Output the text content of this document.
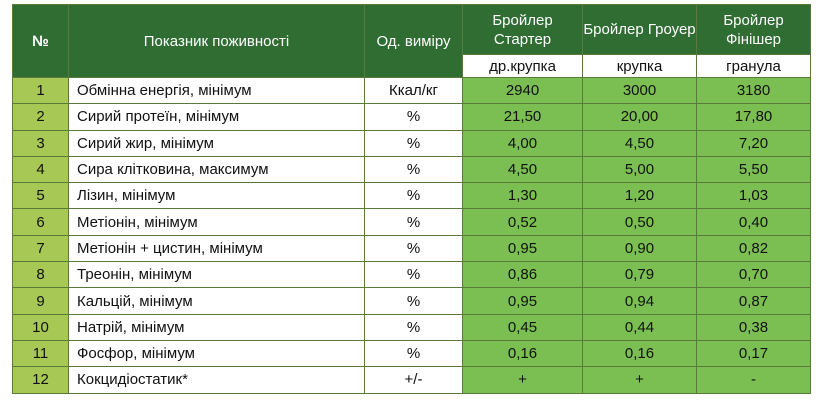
№	Показник поживності	Од. виміру	Бройлер Стартер	Бройлер Гроуер	Бройлер Фінішер
			др.крупка	крупка	гранула
1	Обмінна енергія, мінімум	Ккал/кг	2940	3000	3180
2	Сирий протеїн, мінімум	%	21,50	20,00	17,80
3	Сирий жир, мінімум	%	4,00	4,50	7,20
4	Сира клітковина, максимум	%	4,50	5,00	5,50
5	Лізин, мінімум	%	1,30	1,20	1,03
6	Метіонін, мінімум	%	0,52	0,50	0,40
7	Метіонін + цистин, мінімум	%	0,95	0,90	0,82
8	Треонін, мінімум	%	0,86	0,79	0,70
9	Кальцій, мінімум	%	0,95	0,94	0,87
10	Натрій, мінімум	%	0,45	0,44	0,38
11	Фосфор, мінімум	%	0,16	0,16	0,17
12	Кокцидіостатик*	+/-	+	+	-
